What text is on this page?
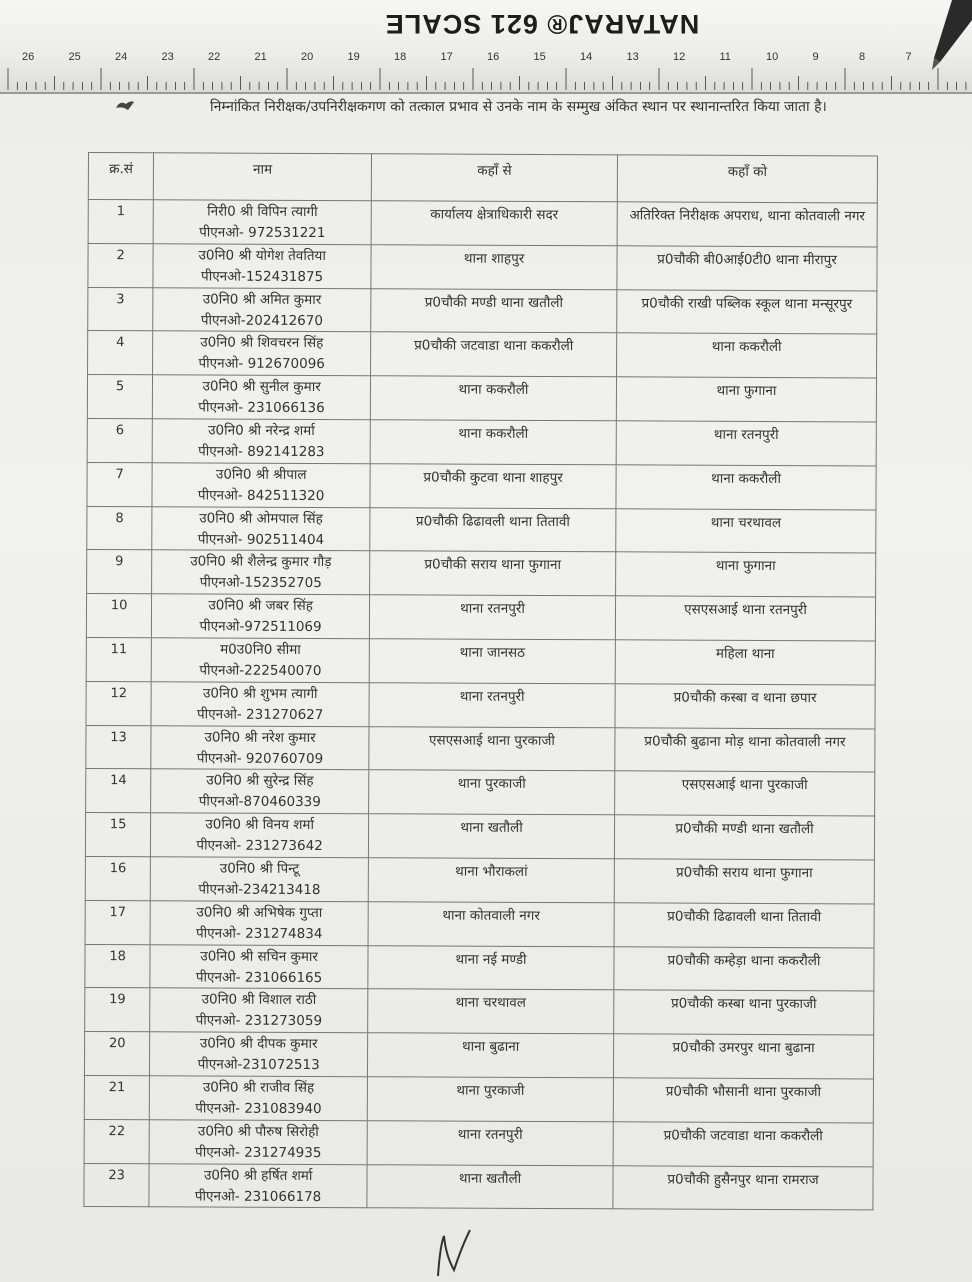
NATARAJ® 621 SCALE
26	25	24	23	22	21	20	19	18	17	16	15	14	13	12	11	10	9	8	7
निम्नांकित निरीक्षक/उपनिरीक्षकगण को तत्काल प्रभाव से उनके नाम के सम्मुख अंकित स्थान पर स्थानान्तरित किया जाता है।
क्र.सं	नाम	कहाँ से	कहाँ को

1	निरी0 श्री विपिन त्यागी
पीएनओ- 972531221	कार्यालय क्षेत्राधिकारी सदर	अतिरिक्त निरीक्षक अपराध, थाना कोतवाली नगर

2	उ0नि0 श्री योगेश तेवतिया
पीएनओ-152431875	थाना शाहपुर	प्र0चौकी बी0आई0टी0 थाना मीरापुर

3	उ0नि0 श्री अमित कुमार
पीएनओ-202412670	प्र0चौकी मण्डी थाना खतौली	प्र0चौकी राखी पब्लिक स्कूल थाना मन्सूरपुर

4	उ0नि0 श्री शिवचरन सिंह
पीएनओ- 912670096	प्र0चौकी जटवाडा थाना ककरौली	थाना ककरौली

5	उ0नि0 श्री सुनील कुमार
पीएनओ- 231066136	थाना ककरौली	थाना फुगाना

6	उ0नि0 श्री नरेन्द्र शर्मा
पीएनओ- 892141283	थाना ककरौली	थाना रतनपुरी

7	उ0नि0 श्री श्रीपाल
पीएनओ- 842511320	प्र0चौकी कुटवा थाना शाहपुर	थाना ककरौली

8	उ0नि0 श्री ओमपाल सिंह
पीएनओ- 902511404	प्र0चौकी ढिढावली थाना तितावी	थाना चरथावल

9	उ0नि0 श्री शैलेन्द्र कुमार गौड़
पीएनओ-152352705	प्र0चौकी सराय थाना फुगाना	थाना फुगाना

10	उ0नि0 श्री जबर सिंह
पीएनओ-972511069	थाना रतनपुरी	एसएसआई थाना रतनपुरी

11	म0उ0नि0 सीमा
पीएनओ-222540070	थाना जानसठ	महिला थाना

12	उ0नि0 श्री शुभम त्यागी
पीएनओ- 231270627	थाना रतनपुरी	प्र0चौकी कस्बा व थाना छपार

13	उ0नि0 श्री नरेश कुमार
पीएनओ- 920760709	एसएसआई थाना पुरकाजी	प्र0चौकी बुढाना मोड़ थाना कोतवाली नगर

14	उ0नि0 श्री सुरेन्द्र सिंह
पीएनओ-870460339	थाना पुरकाजी	एसएसआई थाना पुरकाजी

15	उ0नि0 श्री विनय शर्मा
पीएनओ- 231273642	थाना खतौली	प्र0चौकी मण्डी थाना खतौली

16	उ0नि0 श्री पिन्टू
पीएनओ-234213418	थाना भौराकलां	प्र0चौकी सराय थाना फुगाना

17	उ0नि0 श्री अभिषेक गुप्ता
पीएनओ- 231274834	थाना कोतवाली नगर	प्र0चौकी ढिढावली थाना तितावी

18	उ0नि0 श्री सचिन कुमार
पीएनओ- 231066165	थाना नई मण्डी	प्र0चौकी कम्हेड़ा थाना ककरौली

19	उ0नि0 श्री विशाल राठी
पीएनओ- 231273059	थाना चरथावल	प्र0चौकी कस्बा थाना पुरकाजी

20	उ0नि0 श्री दीपक कुमार
पीएनओ-231072513	थाना बुढाना	प्र0चौकी उमरपुर थाना बुढाना

21	उ0नि0 श्री राजीव सिंह
पीएनओ- 231083940	थाना पुरकाजी	प्र0चौकी भौसानी थाना पुरकाजी

22	उ0नि0 श्री पौरुष सिरोही
पीएनओ- 231274935	थाना रतनपुरी	प्र0चौकी जटवाडा थाना ककरौली

23	उ0नि0 श्री हर्षित शर्मा
पीएनओ- 231066178	थाना खतौली	प्र0चौकी हुसैनपुर थाना रामराज
